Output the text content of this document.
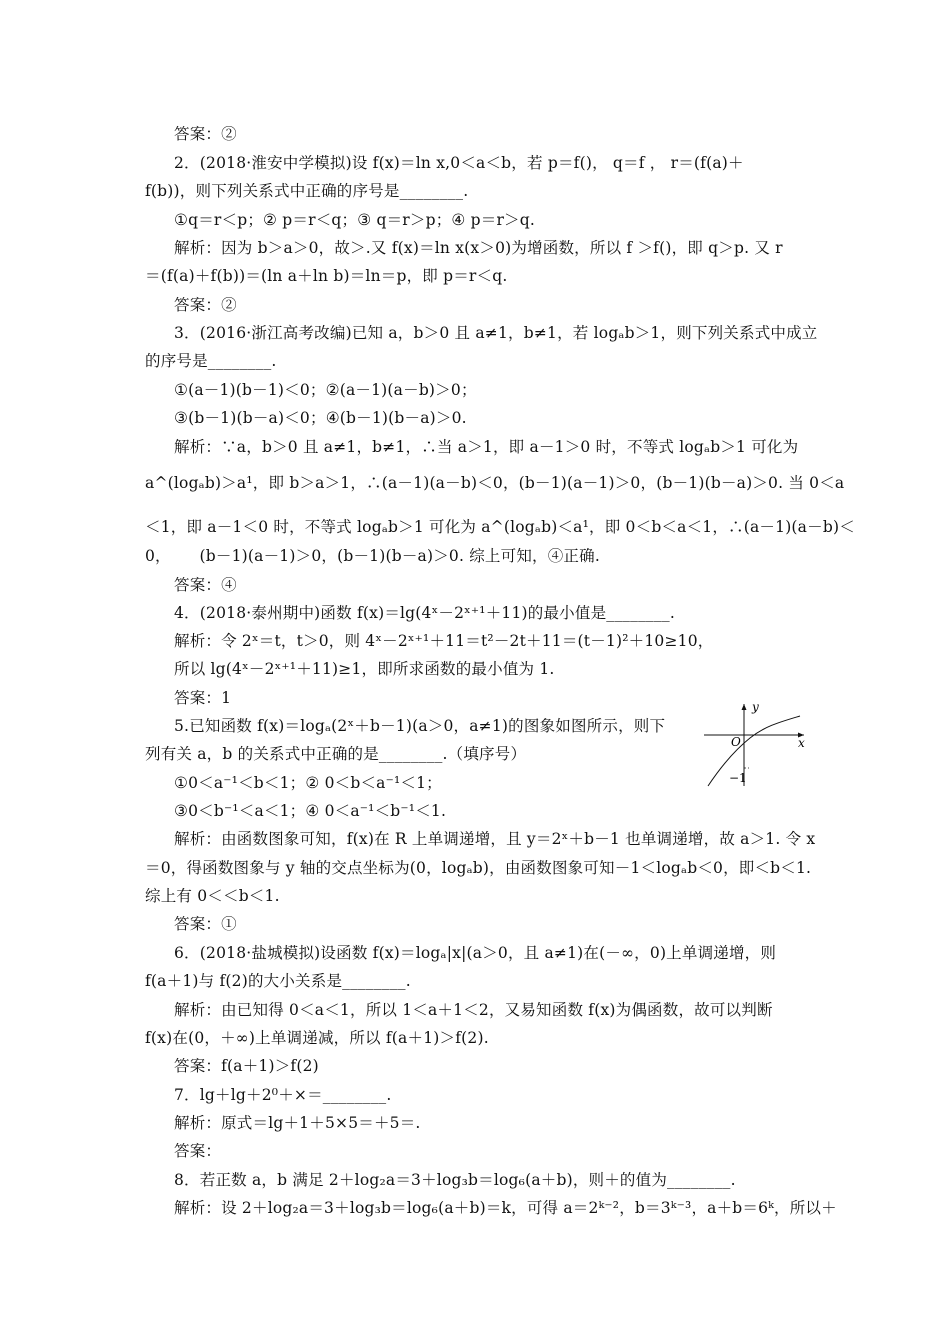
答案：②
2．(2018·淮安中学模拟)设 f(x)＝ln x,0＜a＜b，若 p＝f()， q＝f ， r＝(f(a)＋
f(b))，则下列关系式中正确的序号是________.
①q＝r＜p；② p＝r＜q；③ q＝r＞p；④ p＝r＞q.
解析：因为 b＞a＞0，故＞.又 f(x)＝ln x(x＞0)为增函数，所以 f ＞f()，即 q＞p. 又 r
＝(f(a)＋f(b))＝(ln a＋ln b)＝ln＝p，即 p＝r＜q.
答案：②
3．(2016·浙江高考改编)已知 a，b＞0 且 a≠1，b≠1，若 logₐb＞1，则下列关系式中成立
的序号是________.
①(a－1)(b－1)＜0；②(a－1)(a－b)＞0；
③(b－1)(b－a)＜0；④(b－1)(b－a)＞0.
解析：∵a，b＞0 且 a≠1，b≠1，∴当 a＞1，即 a－1＞0 时，不等式 logₐb＞1 可化为
a^(logₐb)＞a¹，即 b＞a＞1，∴(a－1)(a－b)＜0，(b－1)(a－1)＞0，(b－1)(b－a)＞0. 当 0＜a
＜1，即 a－1＜0 时，不等式 logₐb＞1 可化为 a^(logₐb)＜a¹，即 0＜b＜a＜1，∴(a－1)(a－b)＜
0，　　 (b－1)(a－1)＞0，(b－1)(b－a)＞0. 综上可知，④正确.
答案：④
4．(2018·泰州期中)函数 f(x)＝lg(4ˣ－2ˣ⁺¹＋11)的最小值是________.
解析：令 2ˣ＝t，t＞0，则 4ˣ－2ˣ⁺¹＋11＝t²－2t＋11＝(t－1)²＋10≥10，
所以 lg(4ˣ－2ˣ⁺¹＋11)≥1，即所求函数的最小值为 1.
答案：1
5.已知函数 f(x)＝logₐ(2ˣ＋b－1)(a＞0，a≠1)的图象如图所示，则下
列有关 a，b 的关系式中正确的是________.（填序号）
①0＜a⁻¹＜b＜1；② 0＜b＜a⁻¹＜1；
③0＜b⁻¹＜a＜1；④ 0＜a⁻¹＜b⁻¹＜1.
解析：由函数图象可知，f(x)在 R 上单调递增，且 y＝2ˣ＋b－1 也单调递增，故 a＞1. 令 x
＝0，得函数图象与 y 轴的交点坐标为(0，logₐb)，由函数图象可知－1＜logₐb＜0，即＜b＜1.
综上有 0＜＜b＜1.
答案：①
6．(2018·盐城模拟)设函数 f(x)＝logₐ|x|(a＞0，且 a≠1)在(－∞，0)上单调递增，则
f(a＋1)与 f(2)的大小关系是________.
解析：由已知得 0＜a＜1，所以 1＜a＋1＜2，又易知函数 f(x)为偶函数，故可以判断
f(x)在(0，＋∞)上单调递减，所以 f(a＋1)＞f(2).
答案：f(a＋1)＞f(2)
7．lg＋lg＋2⁰＋×＝________.
解析：原式＝lg＋1＋5×5＝＋5＝.
答案：
8．若正数 a，b 满足 2＋log₂a＝3＋log₃b＝log₆(a＋b)，则＋的值为________.
解析：设 2＋log₂a＝3＋log₃b＝log₆(a＋b)＝k，可得 a＝2ᵏ⁻²，b＝3ᵏ⁻³，a＋b＝6ᵏ，所以＋
y
x
O
−1
